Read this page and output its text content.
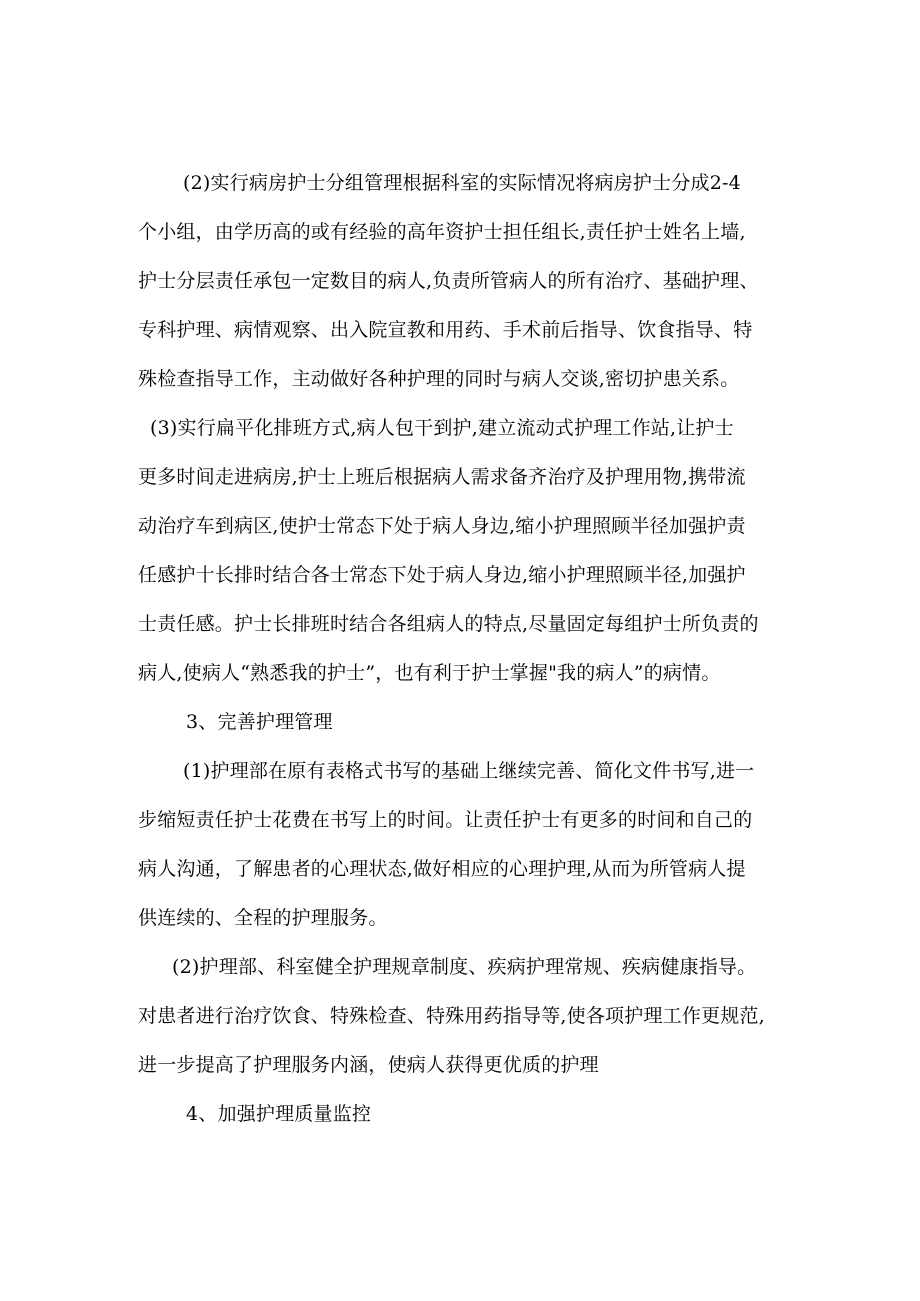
(2)实行病房护士分组管理根据科室的实际情况将病房护士分成2-4
个小组，由学历高的或有经验的高年资护士担任组长,责任护士姓名上墙,
护士分层责任承包一定数目的病人,负责所管病人的所有治疗、基础护理、
专科护理、病情观察、出入院宣教和用药、手术前后指导、饮食指导、特
殊检查指导工作，主动做好各种护理的同时与病人交谈,密切护患关系。
(3)实行扁平化排班方式,病人包干到护,建立流动式护理工作站,让护士
更多时间走进病房,护士上班后根据病人需求备齐治疗及护理用物,携带流
动治疗车到病区,使护士常态下处于病人身边,缩小护理照顾半径加强护责
任感护十长排时结合各士常态下处于病人身边,缩小护理照顾半径,加强护
士责任感。护士长排班时结合各组病人的特点,尽量固定每组护士所负责的
病人,使病人“熟悉我的护士”，也有利于护士掌握"我的病人”的病情。
3、完善护理管理
(1)护理部在原有表格式书写的基础上继续完善、简化文件书写,进一
步缩短责任护士花费在书写上的时间。让责任护士有更多的时间和自己的
病人沟通，了解患者的心理状态,做好相应的心理护理,从而为所管病人提
供连续的、全程的护理服务。
(2)护理部、科室健全护理规章制度、疾病护理常规、疾病健康指导。
对患者进行治疗饮食、特殊检查、特殊用药指导等,使各项护理工作更规范,
进一步提高了护理服务内涵，使病人获得更优质的护理
4、加强护理质量监控
